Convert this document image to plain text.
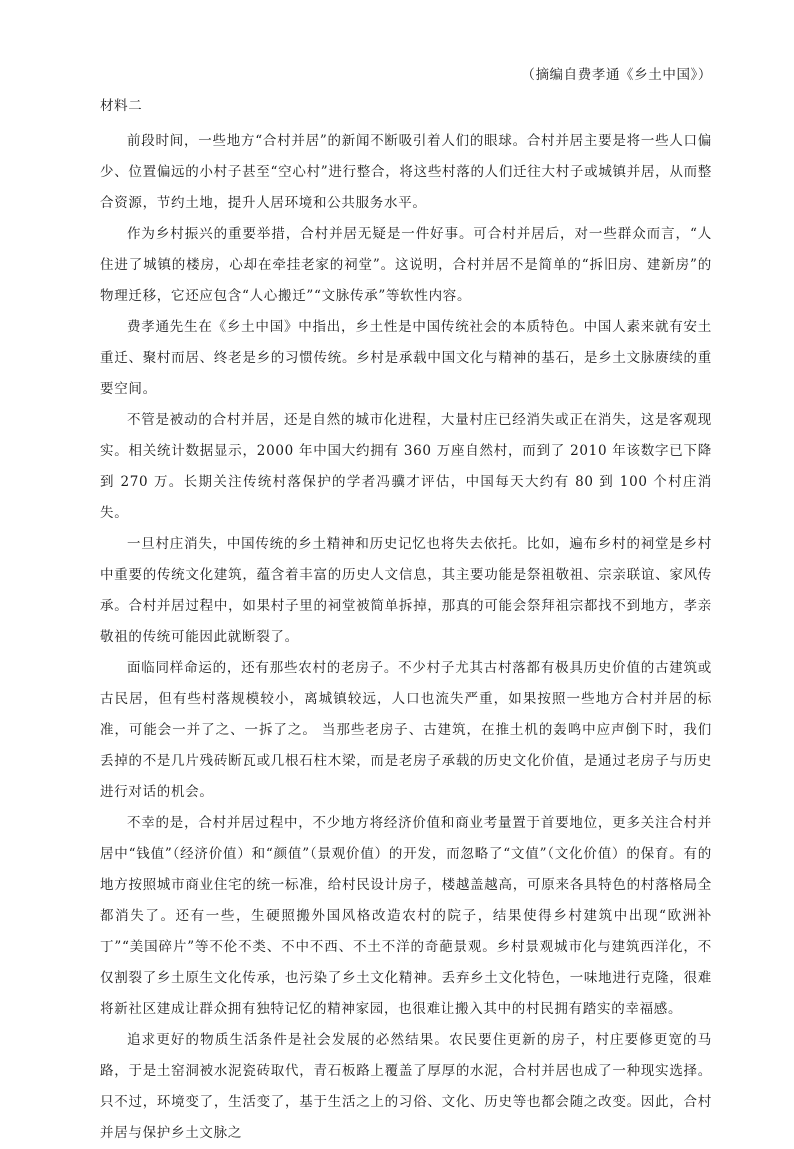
（摘编自费孝通《乡土中国》）

材料二

前段时间，一些地方“合村并居”的新闻不断吸引着人们的眼球。合村并居主要是将一些人口偏少、位置偏远的小村子甚至“空心村”进行整合，将这些村落的人们迁往大村子或城镇并居，从而整合资源，节约土地，提升人居环境和公共服务水平。

作为乡村振兴的重要举措，合村并居无疑是一件好事。可合村并居后，对一些群众而言，“人住进了城镇的楼房，心却在牵挂老家的祠堂”。这说明，合村并居不是简单的“拆旧房、建新房”的物理迁移，它还应包含“人心搬迁”“文脉传承”等软性内容。

费孝通先生在《乡土中国》中指出，乡土性是中国传统社会的本质特色。中国人素来就有安土重迁、聚村而居、终老是乡的习惯传统。乡村是承载中国文化与精神的基石，是乡土文脉赓续的重要空间。

不管是被动的合村并居，还是自然的城市化进程，大量村庄已经消失或正在消失，这是客观现实。相关统计数据显示，2000 年中国大约拥有 360 万座自然村，而到了 2010 年该数字已下降到 270 万。长期关注传统村落保护的学者冯骥才评估，中国每天大约有 80 到 100 个村庄消失。

一旦村庄消失，中国传统的乡土精神和历史记忆也将失去依托。比如，遍布乡村的祠堂是乡村中重要的传统文化建筑，蕴含着丰富的历史人文信息，其主要功能是祭祖敬祖、宗亲联谊、家风传承。合村并居过程中，如果村子里的祠堂被简单拆掉，那真的可能会祭拜祖宗都找不到地方，孝亲敬祖的传统可能因此就断裂了。

面临同样命运的，还有那些农村的老房子。不少村子尤其古村落都有极具历史价值的古建筑或古民居，但有些村落规模较小，离城镇较远，人口也流失严重，如果按照一些地方合村并居的标准，可能会一并了之、一拆了之。 当那些老房子、古建筑，在推土机的轰鸣中应声倒下时，我们丢掉的不是几片残砖断瓦或几根石柱木梁，而是老房子承载的历史文化价值，是通过老房子与历史进行对话的机会。

不幸的是，合村并居过程中，不少地方将经济价值和商业考量置于首要地位，更多关注合村并居中“钱值”（经济价值）和“颜值”（景观价值）的开发，而忽略了“文值”（文化价值）的保育。有的地方按照城市商业住宅的统一标准，给村民设计房子，楼越盖越高，可原来各具特色的村落格局全都消失了。还有一些，生硬照搬外国风格改造农村的院子，结果使得乡村建筑中出现“欧洲补丁”“美国碎片”等不伦不类、不中不西、不土不洋的奇葩景观。乡村景观城市化与建筑西洋化，不仅割裂了乡土原生文化传承，也污染了乡土文化精神。丢弃乡土文化特色，一味地进行克隆，很难将新社区建成让群众拥有独特记忆的精神家园，也很难让搬入其中的村民拥有踏实的幸福感。

追求更好的物质生活条件是社会发展的必然结果。农民要住更新的房子，村庄要修更宽的马路，于是土窑洞被水泥瓷砖取代，青石板路上覆盖了厚厚的水泥，合村并居也成了一种现实选择。只不过，环境变了，生活变了，基于生活之上的习俗、文化、历史等也都会随之改变。因此，合村并居与保护乡土文脉之
